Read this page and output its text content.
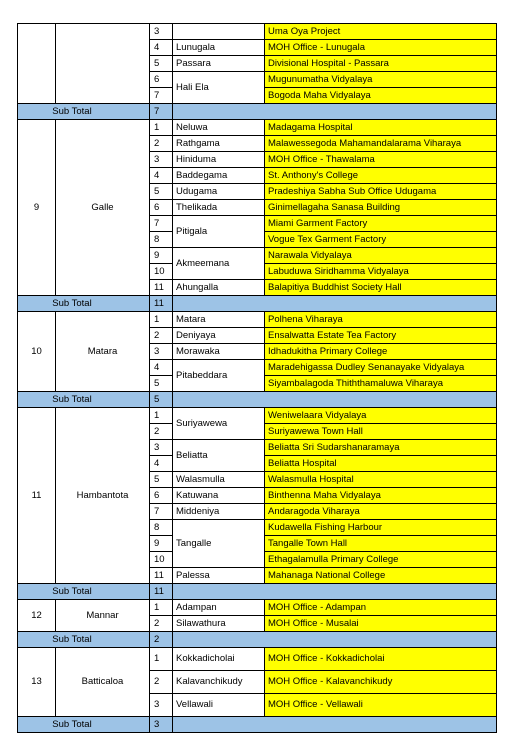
		3		Uma Oya Project
		4	Lunugala	MOH Office - Lunugala
		5	Passara	Divisional Hospital - Passara
		6	Hali Ela	Mugunumatha Vidyalaya
		7		Bogoda Maha Vidyalaya
Sub Total		7		
9	Galle	1	Neluwa	Madagama Hospital
		2	Rathgama	Malawessegoda Mahamandalarama Viharaya
		3	Hiniduma	MOH Office - Thawalama
		4	Baddegama	St. Anthony's College
		5	Udugama	Pradeshiya Sabha Sub Office Udugama
		6	Thelikada	Ginimellagaha Sanasa Building
		7	Pitigala	Miami Garment Factory
		8		Vogue Tex Garment Factory
		9	Akmeemana	Narawala Vidyalaya
		10		Labuduwa Siridhamma Vidyalaya
		11	Ahungalla	Balapitiya Buddhist Society Hall
Sub Total		11		
10	Matara	1	Matara	Polhena Viharaya
		2	Deniyaya	Ensalwatta Estate Tea Factory
		3	Morawaka	Idhadukitha Primary College
		4	Pitabeddara	Maradehigassa Dudley Senanayake Vidyalaya
		5		Siyambalagoda Thiththamaluwa Viharaya
Sub Total		5		
11	Hambantota	1	Suriyawewa	Weniwelaara Vidyalaya
		2		Suriyawewa Town Hall
		3	Beliatta	Beliatta Sri Sudarshanaramaya
		4		Beliatta Hospital
		5	Walasmulla	Walasmulla Hospital
		6	Katuwana	Binthenna Maha Vidyalaya
		7	Middeniya	Andaragoda Viharaya
		8	Tangalle	Kudawella Fishing Harbour
		9		Tangalle Town Hall
		10		Ethagalamulla Primary College
		11	Palessa	Mahanaga National College
Sub Total		11		
12	Mannar	1	Adampan	MOH Office - Adampan
		2	Silawathura	MOH Office - Musalai
Sub Total		2		
13	Batticaloa	1	Kokkadicholai	MOH Office - Kokkadicholai
		2	Kalavanchikudy	MOH Office - Kalavanchikudy
		3	Vellawali	MOH Office - Vellawali
Sub Total		3		
